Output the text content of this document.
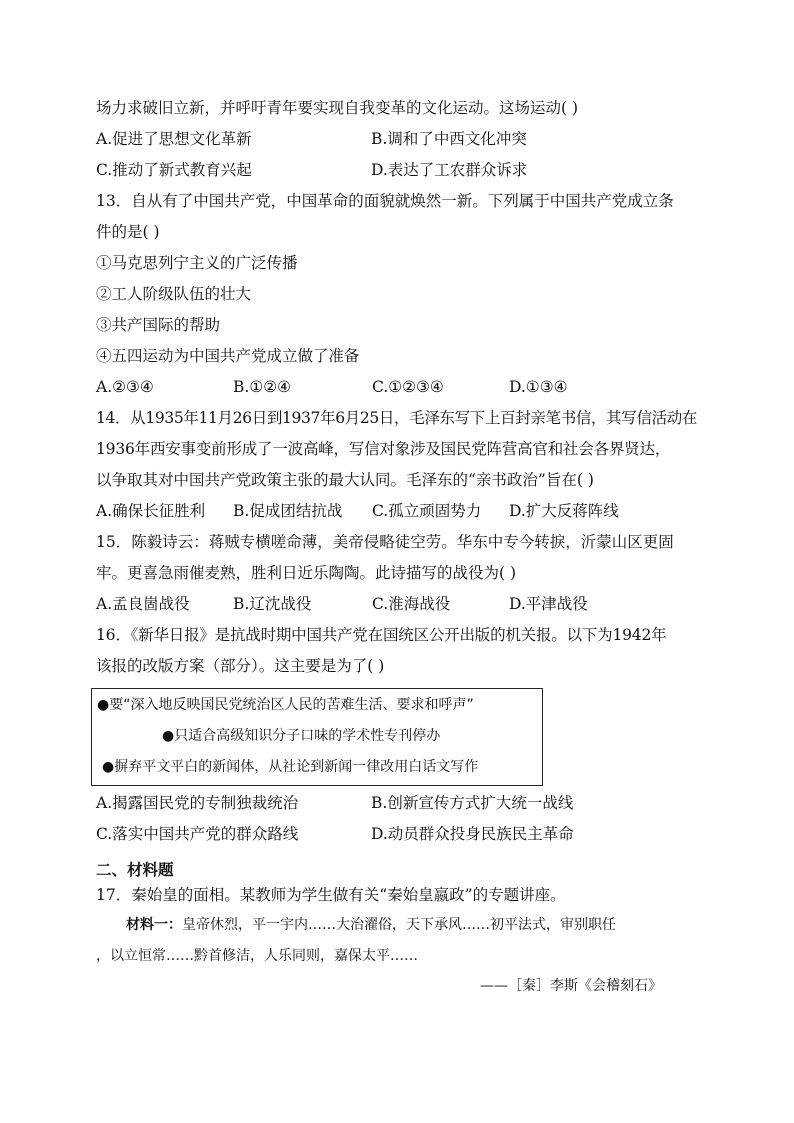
场力求破旧立新，并呼吁青年要实现自我变革的文化运动。这场运动( )
A.促进了思想文化革新	B.调和了中西文化冲突
C.推动了新式教育兴起	D.表达了工农群众诉求
13．自从有了中国共产党，中国革命的面貌就焕然一新。下列属于中国共产党成立条
件的是( )
①马克思列宁主义的广泛传播
②工人阶级队伍的壮大
③共产国际的帮助
④五四运动为中国共产党成立做了准备
A.②③④	B.①②④	C.①②③④	D.①③④
14．从1935年11月26日到1937年6月25日，毛泽东写下上百封亲笔书信，其写信活动在
1936年西安事变前形成了一波高峰，写信对象涉及国民党阵营高官和社会各界贤达，
以争取其对中国共产党政策主张的最大认同。毛泽东的“亲书政治”旨在( )
A.确保长征胜利 B.促成团结抗战 C.孤立顽固势力 D.扩大反蒋阵线
15．陈毅诗云：蒋贼专横嗟命薄，美帝侵略徒空劳。华东中专今转捩，沂蒙山区更固
牢。更喜急雨催麦熟，胜利日近乐陶陶。此诗描写的战役为( )
A.孟良崮战役	B.辽沈战役	C.淮海战役	D.平津战役
16．《新华日报》是抗战时期中国共产党在国统区公开出版的机关报。以下为1942年
该报的改版方案（部分）。这主要是为了( )
●要“深入地反映国民党统治区人民的苦难生活、要求和呼声”
●只适合高级知识分子口味的学术性专刊停办
●摒弃平文平白的新闻体，从社论到新闻一律改用白话文写作
A.揭露国民党的专制独裁统治	B.创新宣传方式扩大统一战线
C.落实中国共产党的群众路线	D.动员群众投身民族民主革命
二、材料题
17．秦始皇的面相。某教师为学生做有关“秦始皇嬴政”的专题讲座。
材料一：皇帝休烈，平一宇内……大治濯俗，天下承风……初平法式，审别职任
，以立恒常……黔首修洁，人乐同则，嘉保太平……
——［秦］李斯《会稽刻石》
